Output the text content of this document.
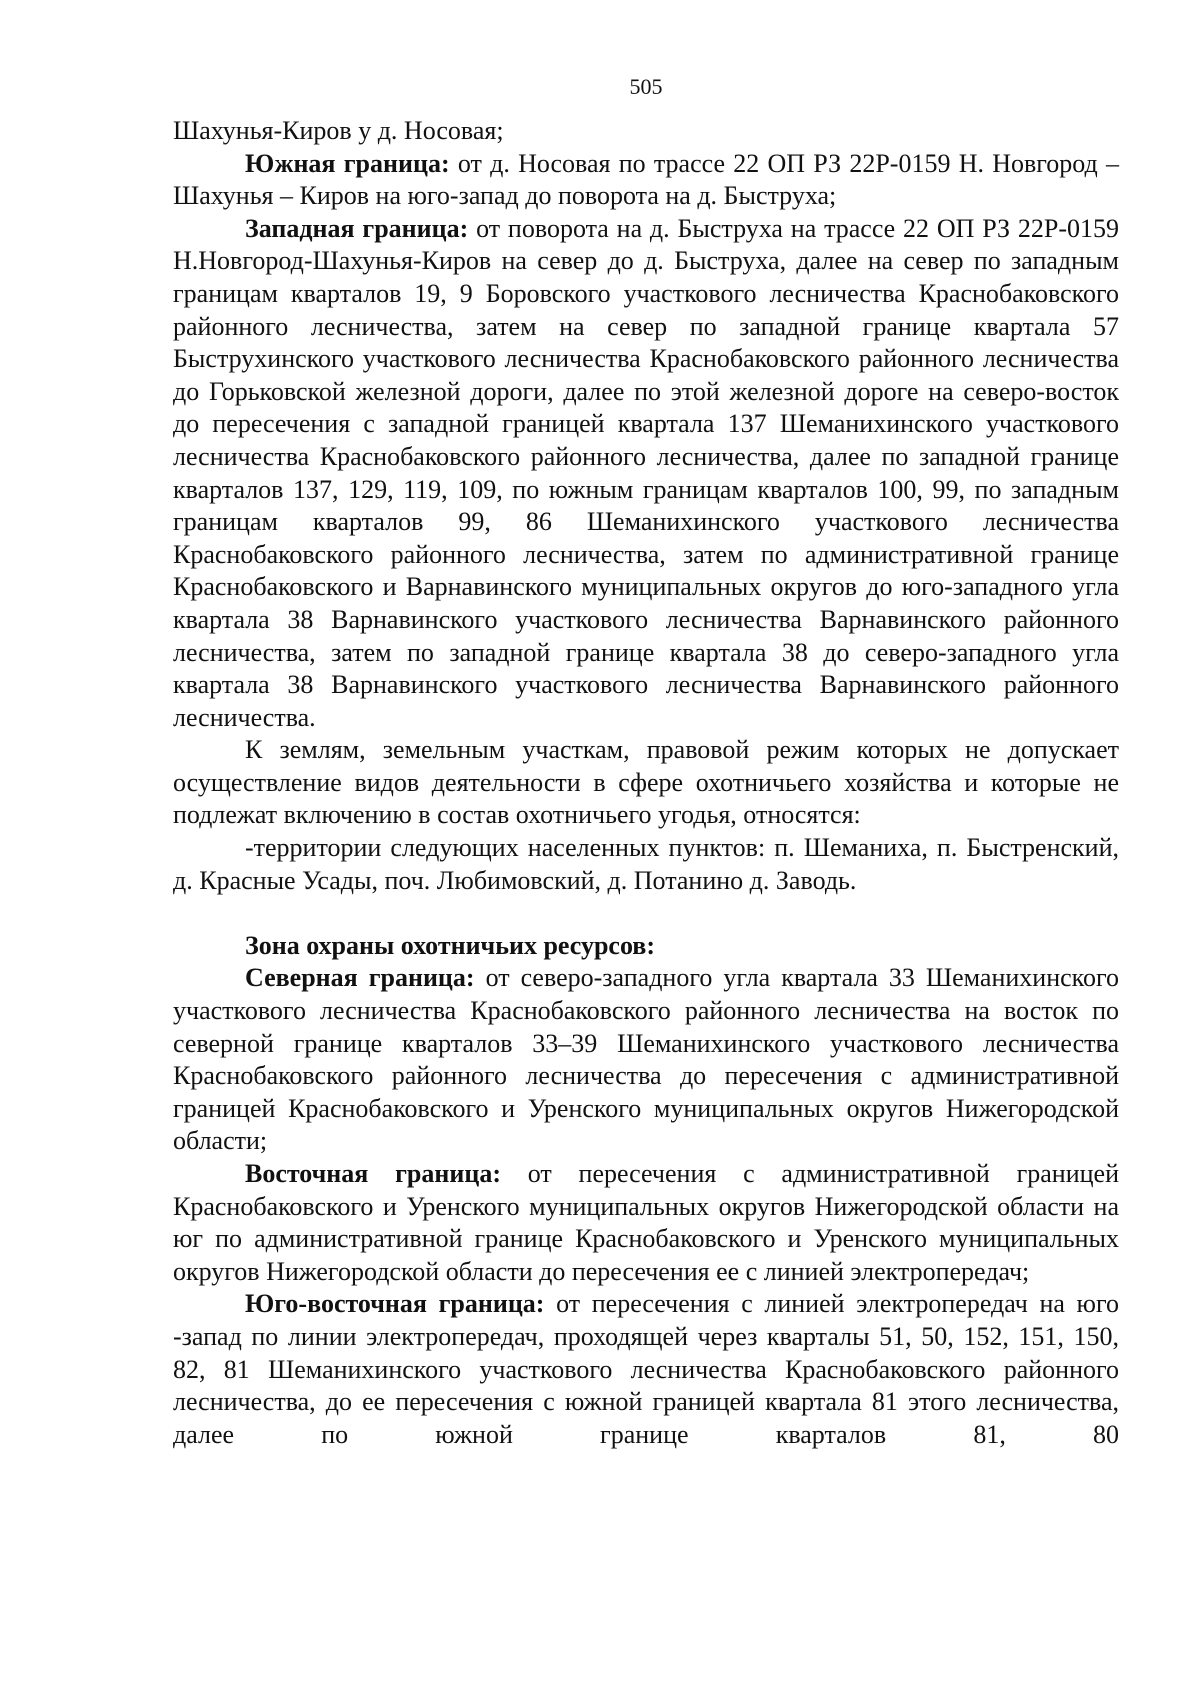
505

Шахунья-Киров у д. Носовая;

Южная граница: от д. Носовая по трассе 22 ОП РЗ 22Р-0159 Н. Новгород – Шахунья – Киров на юго-запад до поворота на д. Быструха;

Западная граница: от поворота на д. Быструха на трассе 22 ОП РЗ 22Р-0159 Н.Новгород-Шахунья-Киров на север до д. Быструха, далее на север по западным границам кварталов 19, 9 Боровского участкового лесничества Краснобаковского районного лесничества, затем на север по западной границе квартала 57 Быструхинского участкового лесничества Краснобаковского районного лесничества до Горьковской железной дороги, далее по этой железной дороге на северо-восток до пересечения с западной границей квартала 137 Шеманихинского участкового лесничества Краснобаковского районного лесничества, далее по западной границе кварталов 137, 129, 119, 109, по южным границам кварталов 100, 99, по западным границам кварталов 99, 86 Шеманихинского участкового лесничества Краснобаковского районного лесничества, затем по административной границе Краснобаковского и Варнавинского муниципальных округов до юго-западного угла квартала 38 Варнавинского участкового лесничества Варнавинского районного лесничества, затем по западной границе квартала 38 до северо-западного угла квартала 38 Варнавинского участкового лесничества Варнавинского районного лесничества.

К землям, земельным участкам, правовой режим которых не допускает осуществление видов деятельности в сфере охотничьего хозяйства и которые не подлежат включению в состав охотничьего угодья, относятся:

-территории следующих населенных пунктов: п. Шеманиха, п. Быстренский, д. Красные Усады, поч. Любимовский, д. Потанино д. Заводь.

Зона охраны охотничьих ресурсов:

Северная граница: от северо-западного угла квартала 33 Шеманихинского участкового лесничества Краснобаковского районного лесничества на восток по северной границе кварталов 33–39 Шеманихинского участкового лесничества Краснобаковского районного лесничества до пересечения с административной границей Краснобаковского и Уренского муниципальных округов Нижегородской области;

Восточная граница: от пересечения с административной границей Краснобаковского и Уренского муниципальных округов Нижегородской области на юг по административной границе Краснобаковского и Уренского муниципальных округов Нижегородской области до пересечения ее с линией электропередач;

Юго-восточная граница: от пересечения с линией электропередач на юго -запад по линии электропередач, проходящей через кварталы 51, 50, 152, 151, 150, 82, 81 Шеманихинского участкового лесничества Краснобаковского районного лесничества, до ее пересечения с южной границей квартала 81 этого лесничества, далее по южной границе кварталов 81, 80
